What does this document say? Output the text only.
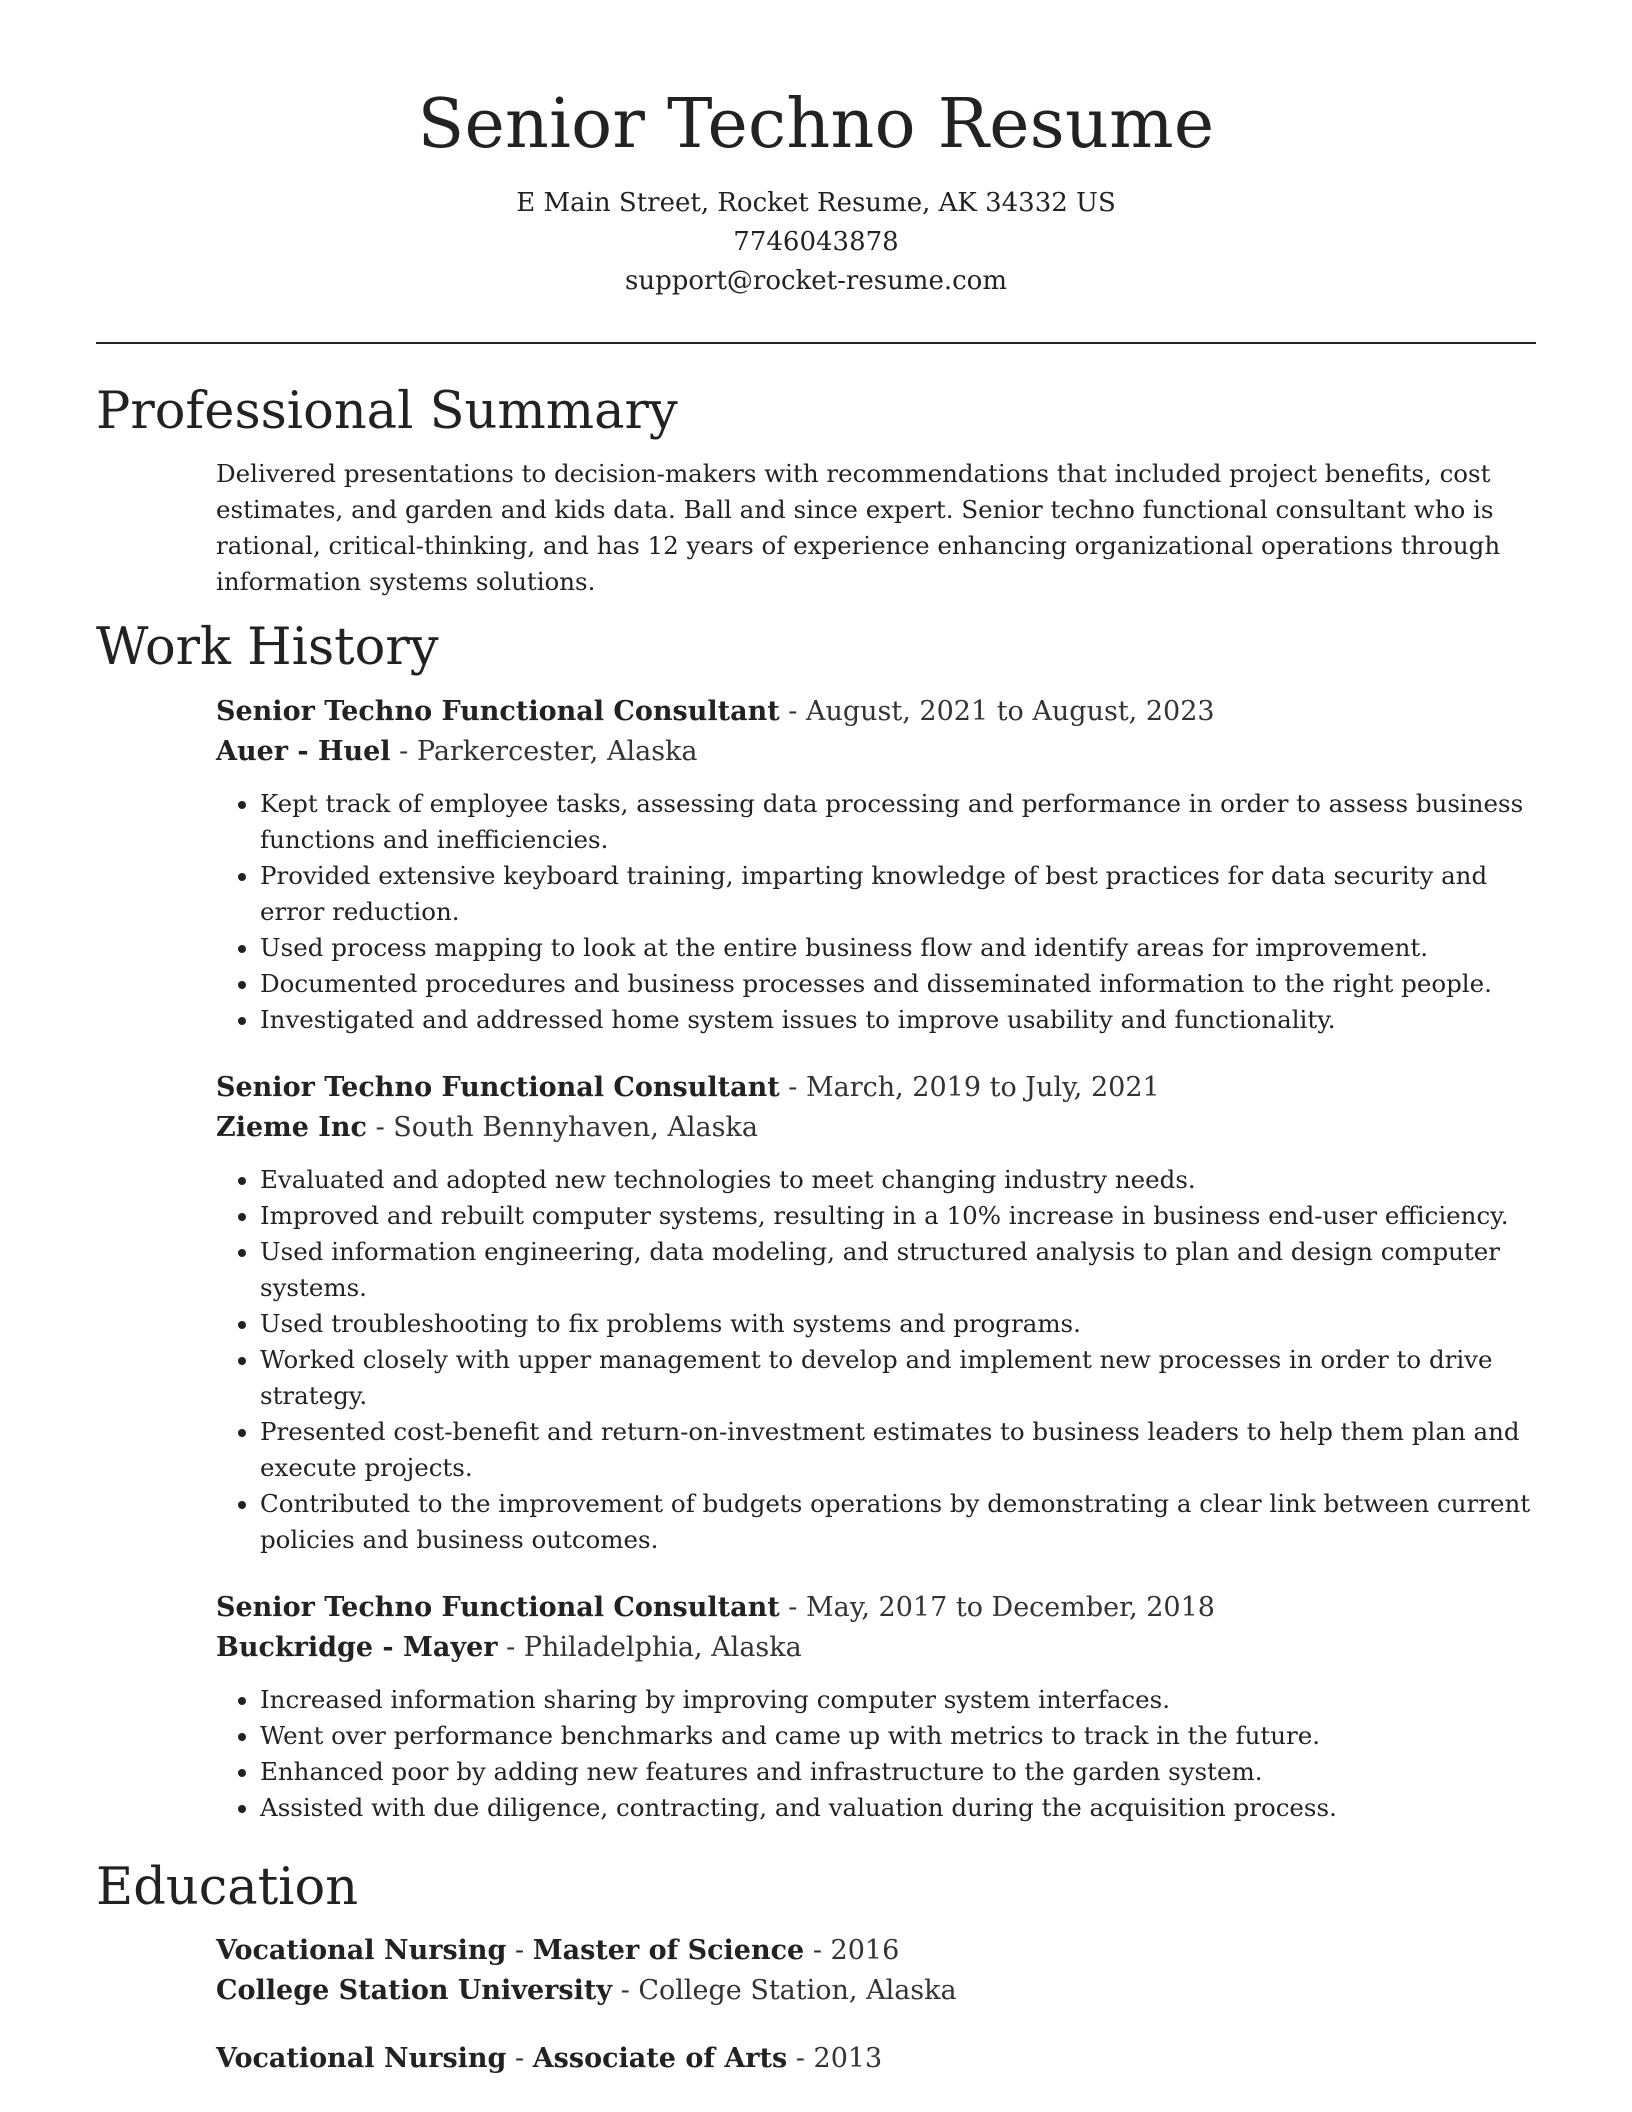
Senior Techno Resume
E Main Street, Rocket Resume, AK 34332 US
7746043878
support@rocket-resume.com
Professional Summary

Delivered presentations to decision-makers with recommendations that included project benefits, cost estimates, and garden and kids data. Ball and since expert. Senior techno functional consultant who is rational, critical-thinking, and has 12 years of experience enhancing organizational operations through information systems solutions.

Work History
Senior Techno Functional Consultant - August, 2021 to August, 2023
Auer - Huel - Parkercester, Alaska
• Kept track of employee tasks, assessing data processing and performance in order to assess business functions and inefficiencies.
• Provided extensive keyboard training, imparting knowledge of best practices for data security and error reduction.
• Used process mapping to look at the entire business flow and identify areas for improvement.
• Documented procedures and business processes and disseminated information to the right people.
• Investigated and addressed home system issues to improve usability and functionality.
Senior Techno Functional Consultant - March, 2019 to July, 2021
Zieme Inc - South Bennyhaven, Alaska
• Evaluated and adopted new technologies to meet changing industry needs.
• Improved and rebuilt computer systems, resulting in a 10% increase in business end-user efficiency.
• Used information engineering, data modeling, and structured analysis to plan and design computer systems.
• Used troubleshooting to fix problems with systems and programs.
• Worked closely with upper management to develop and implement new processes in order to drive strategy.
• Presented cost-benefit and return-on-investment estimates to business leaders to help them plan and execute projects.
• Contributed to the improvement of budgets operations by demonstrating a clear link between current policies and business outcomes.
Senior Techno Functional Consultant - May, 2017 to December, 2018
Buckridge - Mayer - Philadelphia, Alaska
• Increased information sharing by improving computer system interfaces.
• Went over performance benchmarks and came up with metrics to track in the future.
• Enhanced poor by adding new features and infrastructure to the garden system.
• Assisted with due diligence, contracting, and valuation during the acquisition process.
Education
Vocational Nursing - Master of Science - 2016
College Station University - College Station, Alaska
Vocational Nursing - Associate of Arts - 2013
